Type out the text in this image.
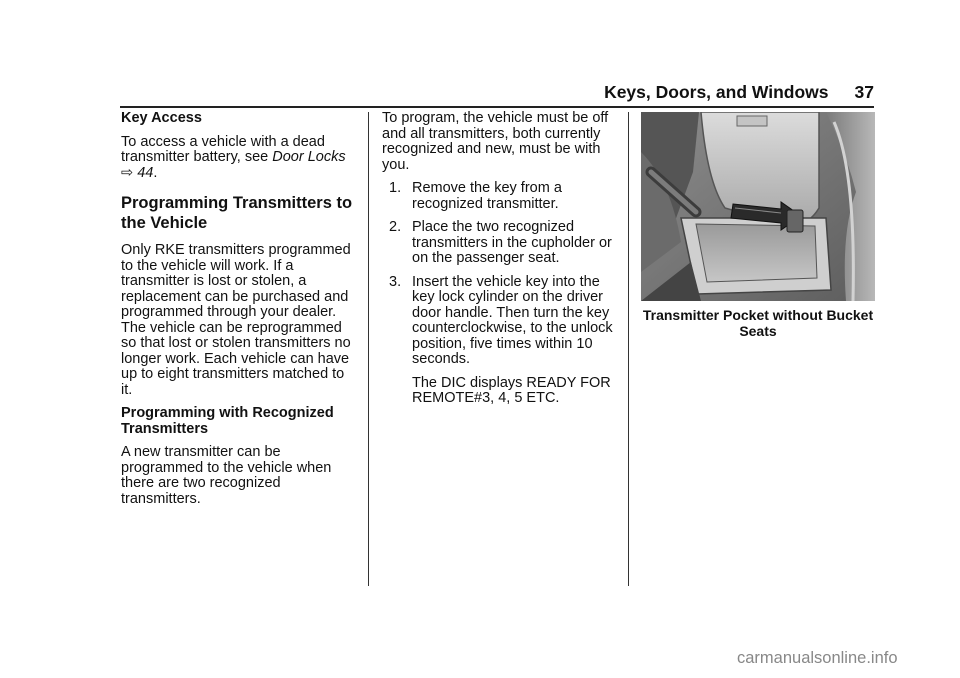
Keys, Doors, and Windows 37

Key Access

To access a vehicle with a dead transmitter battery, see Door Locks
⇨ 44.

Programming Transmitters to
the Vehicle

Only RKE transmitters programmed to the vehicle will work. If a transmitter is lost or stolen, a replacement can be purchased and programmed through your dealer. The vehicle can be reprogrammed so that lost or stolen transmitters no longer work. Each vehicle can have up to eight transmitters matched to it.

Programming with Recognized
Transmitters

A new transmitter can be programmed to the vehicle when there are two recognized transmitters.

To program, the vehicle must be off and all transmitters, both currently recognized and new, must be with you.

1. Remove the key from a recognized transmitter.
2. Place the two recognized transmitters in the cupholder or on the passenger seat.
3. Insert the vehicle key into the key lock cylinder on the driver door handle. Then turn the key counterclockwise, to the unlock position, five times within 10 seconds.

The DIC displays READY FOR REMOTE#3, 4, 5 ETC.

Transmitter Pocket without Bucket Seats
carmanualsonline.info
